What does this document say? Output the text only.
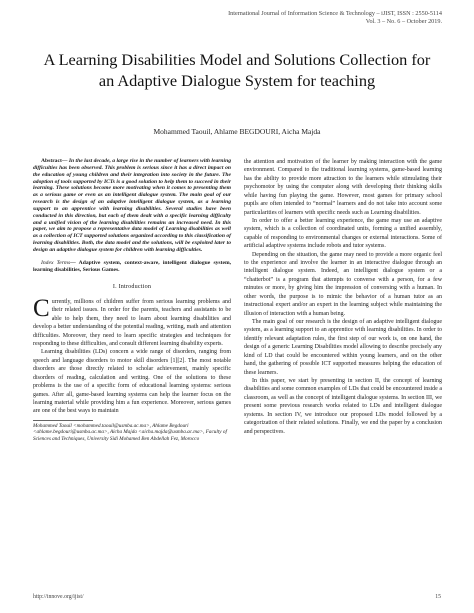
International Journal of Information Science & Technology – iJIST, ISSN : 2550-5114
Vol. 3 – No. 6 – October 2019.
A Learning Disabilities Model and Solutions Collection for an Adaptive Dialogue System for teaching
Mohammed Taouil, Ahlame BEGDOURI, Aicha Majda

Abstract— In the last decade, a large rise in the number of learners with learning difficulties has been observed. This problem is serious since it has a direct impact on the education of young children and their integration into society in the future. The adoption of tools supported by ICTs is a good solution to help them to succeed in their learning. These solutions become more motivating when it comes to presenting them as a serious game or even as an intelligent dialogue system. The main goal of our research is the design of an adaptive intelligent dialogue system, as a learning support to an apprentice with learning disabilities. Several studies have been conducted in this direction, but each of them dealt with a specific learning difficulty and a unified vision of the learning disabilities remains an increased need. In this paper, we aim to propose a representative data model of Learning disabilities as well as a collection of ICT supported solutions organized according to this classification of learning disabilities. Both, the data model and the solutions, will be exploited later to design an adaptive dialogue system for children with learning difficulties.

Index Terms— Adaptive system, context-aware, intelligent dialogue system, learning disabilities, Serious Games.

I. Introduction

Currently, millions of children suffer from serious learning problems and their related issues. In order for the parents, teachers and assistants to be able to help them, they need to learn about learning disabilities and develop a better understanding of the potential reading, writing, math and attention difficulties. Moreover, they need to learn specific strategies and techniques for responding to these difficulties, and consult different learning disability experts.

Learning disabilities (LDs) concern a wide range of disorders, ranging from speech and language disorders to motor skill disorders [1][2]. The most notable disorders are those directly related to scholar achievement, mainly specific disorders of reading, calculation and writing. One of the solutions to these problems is the use of a specific form of educational learning systems: serious games. After all, game-based learning systems can help the learner focus on the learning material while providing him a fun experience. Moreover, serious games are one of the best ways to maintain

Mohammed Taouil <mohammed.taouil@usmba.ac.ma>, Ahlame Begdouri <ahlame.begdouri@usmba.ac.ma>, Aicha Majda <aicha.majda@usmba.ac.ma>, Faculty of Sciences and Techniques, University Sidi Mohamed Ben Abdellah Fez, Morocco

the attention and motivation of the learner by making interaction with the game environment. Compared to the traditional learning systems, game-based learning has the ability to provide more attraction to the learners while stimulating their psychomotor by using the computer along with developing their thinking skills while having fun playing the game. However, most games for primary school pupils are often intended to “normal” learners and do not take into account some particularities of learners with specific needs such as Learning disabilities.

In order to offer a better learning experience, the game may use an adaptive system, which is a collection of coordinated units, forming a unified assembly, capable of responding to environmental changes or external interactions. Some of artificial adaptive systems include robots and tutor systems.

Depending on the situation, the game may need to provide a more organic feel to the experience and involve the learner in an interactive dialogue through an intelligent dialogue system. Indeed, an intelligent dialogue system or a “chatterbot” is a program that attempts to converse with a person, for a few minutes or more, by giving him the impression of conversing with a human. In other words, the purpose is to mimic the behavior of a human tutor as an instructional expert and/or an expert in the learning subject while maintaining the illusion of interaction with a human being.

The main goal of our research is the design of an adaptive intelligent dialogue system, as a learning support to an apprentice with learning disabilities. In order to identify relevant adaptation rules, the first step of our work is, on one hand, the design of a generic Learning Disabilities model allowing to describe precisely any kind of LD that could be encountered within young learners, and on the other hand, the gathering of possible ICT supported measures helping the education of these learners.

In this paper, we start by presenting in section II, the concept of learning disabilities and some common examples of LDs that could be encountered inside a classroom, as well as the concept of intelligent dialogue systems. In section III, we present some previous research works related to LDs and intelligent dialogue systems. In section IV, we introduce our proposed LDs model followed by a categorization of their related solutions. Finally, we end the paper by a conclusion and perspectives.

http://innove.org/ijist/	15
